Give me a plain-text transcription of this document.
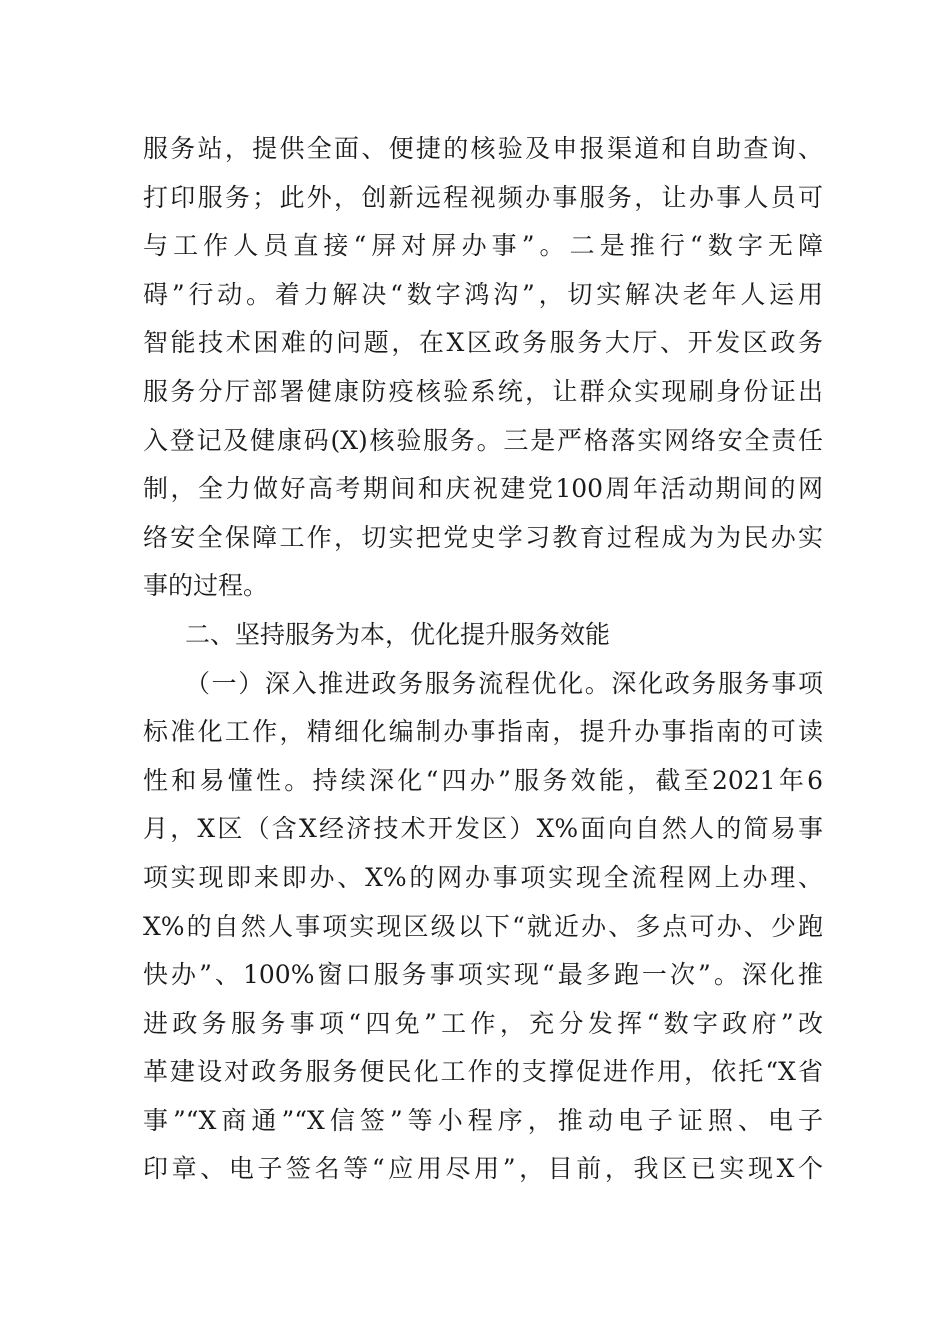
服务站，提供全面、便捷的核验及申报渠道和自助查询、
打印服务；此外，创新远程视频办事服务，让办事人员可
与工作人员直接“屏对屏办事”。二是推行“数字无障
碍”行动。着力解决“数字鸿沟”，切实解决老年人运用
智能技术困难的问题，在X区政务服务大厅、开发区政务
服务分厅部署健康防疫核验系统，让群众实现刷身份证出
入登记及健康码(X)核验服务。三是严格落实网络安全责任
制，全力做好高考期间和庆祝建党100周年活动期间的网
络安全保障工作，切实把党史学习教育过程成为为民办实
事的过程。
二、坚持服务为本，优化提升服务效能
（一）深入推进政务服务流程优化。深化政务服务事项
标准化工作，精细化编制办事指南，提升办事指南的可读
性和易懂性。持续深化“四办”服务效能，截至2021年6
月，X区（含X经济技术开发区）X%面向自然人的简易事
项实现即来即办、X%的网办事项实现全流程网上办理、
X%的自然人事项实现区级以下“就近办、多点可办、少跑
快办”、100%窗口服务事项实现“最多跑一次”。深化推
进政务服务事项“四免”工作，充分发挥“数字政府”改
革建设对政务服务便民化工作的支撑促进作用，依托“X省
事”“X商通”“X信签”等小程序，推动电子证照、电子
印章、电子签名等“应用尽用”，目前，我区已实现X个
